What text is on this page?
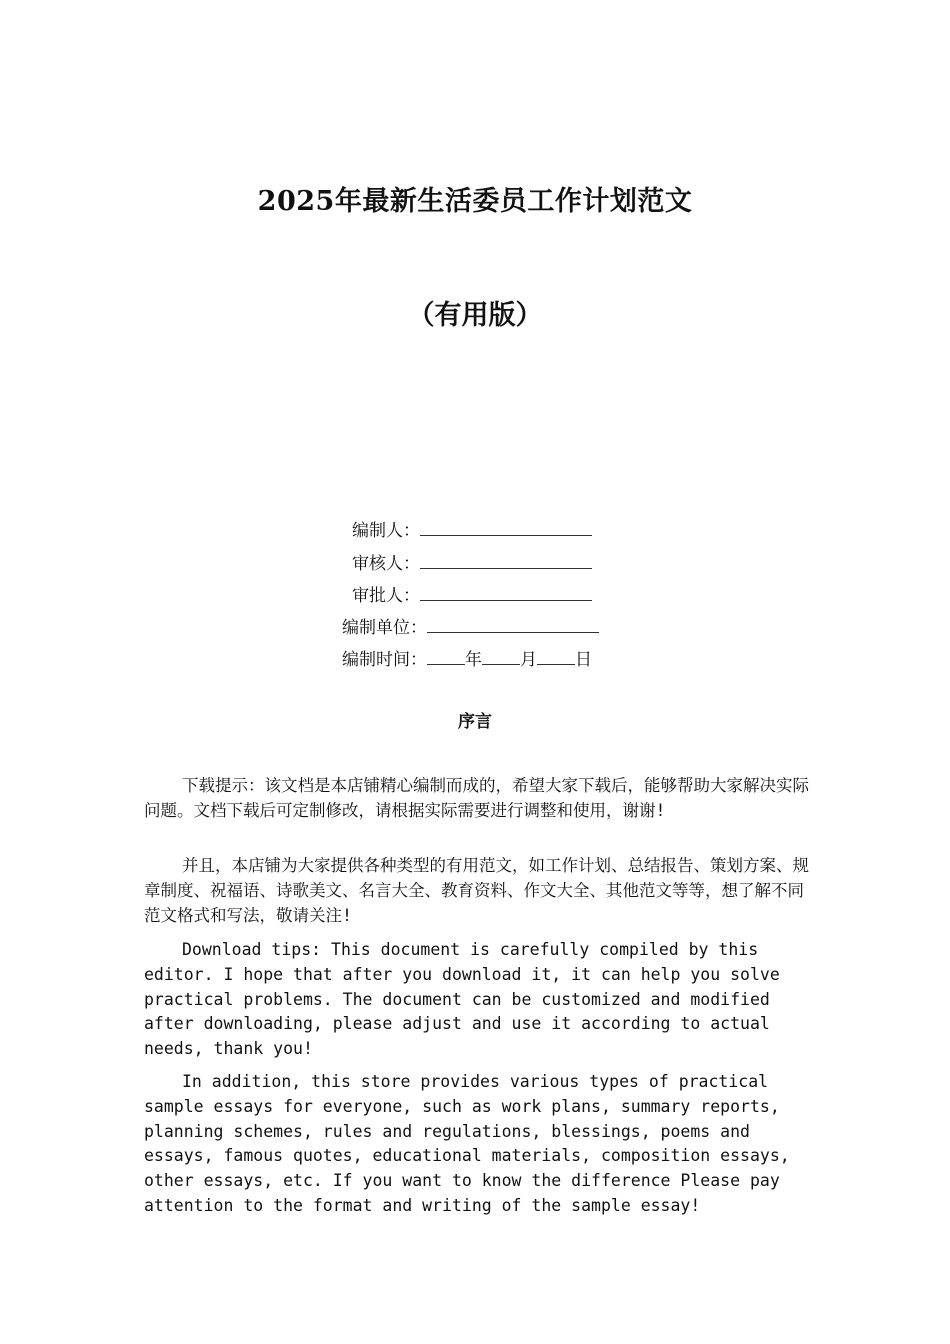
2025年最新生活委员工作计划范文
（有用版）
编制人：
审核人：
审批人：
编制单位：
编制时间： 年 月 日
序言

下载提示：该文档是本店铺精心编制而成的，希望大家下载后，能够帮助大家解决实际问题。文档下载后可定制修改，请根据实际需要进行调整和使用，谢谢!

并且，本店铺为大家提供各种类型的有用范文，如工作计划、总结报告、策划方案、规章制度、祝福语、诗歌美文、名言大全、教育资料、作文大全、其他范文等等，想了解不同范文格式和写法，敬请关注!

Download tips: This document is carefully compiled by this editor. I hope that after you download it, it can help you solve practical problems. The document can be customized and modified after downloading, please adjust and use it according to actual needs, thank you!

In addition, this store provides various types of practical sample essays for everyone, such as work plans, summary reports, planning schemes, rules and regulations, blessings, poems and essays, famous quotes, educational materials, composition essays, other essays, etc. If you want to know the difference Please pay attention to the format and writing of the sample essay!
